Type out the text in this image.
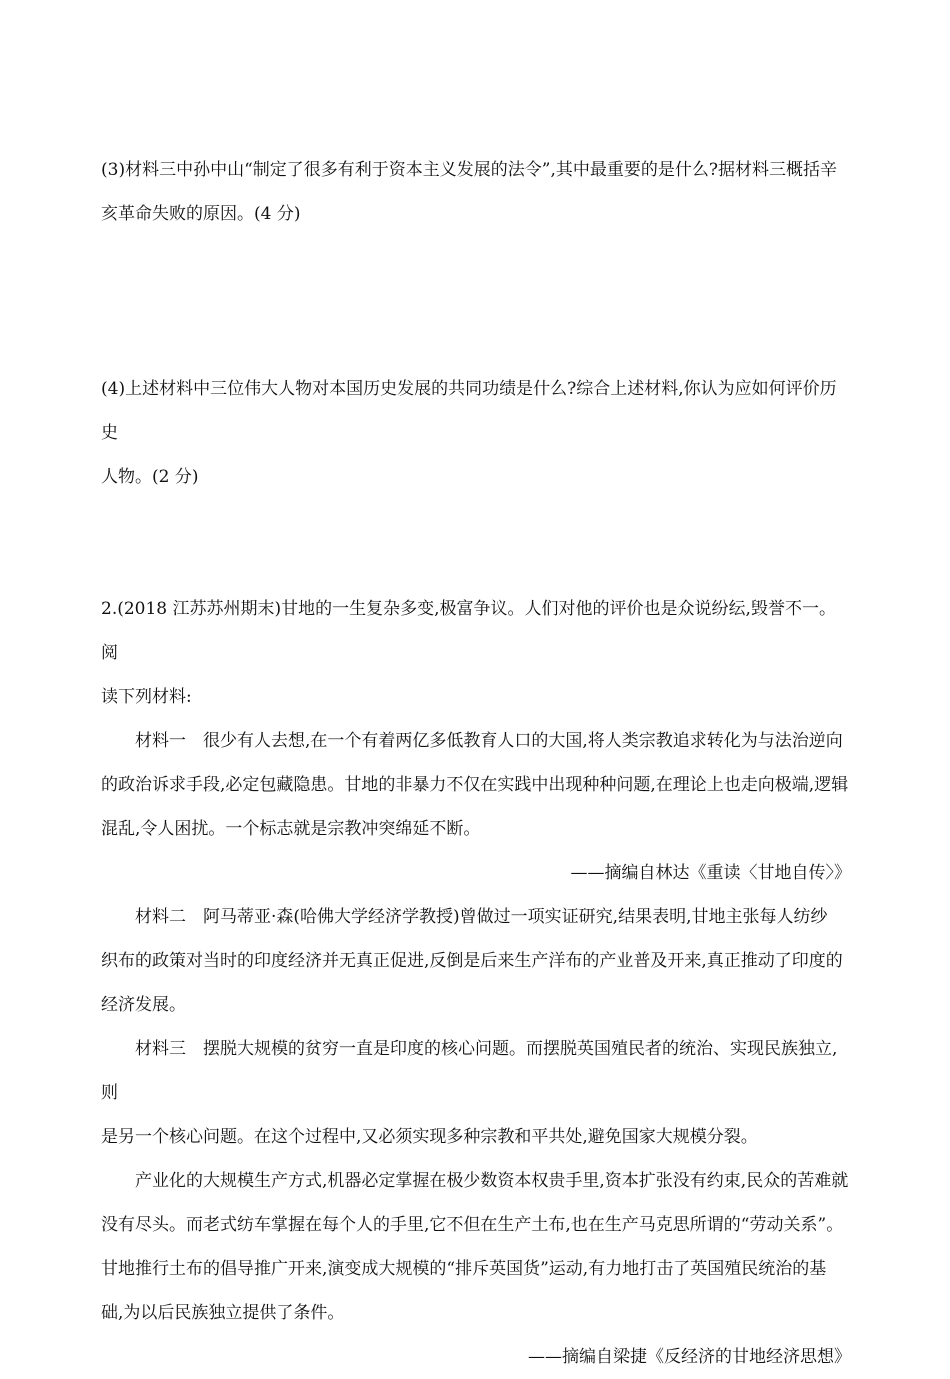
(3)材料三中孙中山“制定了很多有利于资本主义发展的法令”,其中最重要的是什么?据材料三概括辛

亥革命失败的原因。(4 分)

(4)上述材料中三位伟大人物对本国历史发展的共同功绩是什么?综合上述材料,你认为应如何评价历史

人物。(2 分)

2.(2018 江苏苏州期末)甘地的一生复杂多变,极富争议。人们对他的评价也是众说纷纭,毁誉不一。阅

读下列材料:

材料一　很少有人去想,在一个有着两亿多低教育人口的大国,将人类宗教追求转化为与法治逆向

的政治诉求手段,必定包藏隐患。甘地的非暴力不仅在实践中出现种种问题,在理论上也走向极端,逻辑

混乱,令人困扰。一个标志就是宗教冲突绵延不断。

——摘编自林达《重读〈甘地自传〉》

材料二　阿马蒂亚·森(哈佛大学经济学教授)曾做过一项实证研究,结果表明,甘地主张每人纺纱

织布的政策对当时的印度经济并无真正促进,反倒是后来生产洋布的产业普及开来,真正推动了印度的

经济发展。

材料三　摆脱大规模的贫穷一直是印度的核心问题。而摆脱英国殖民者的统治、实现民族独立,则

是另一个核心问题。在这个过程中,又必须实现多种宗教和平共处,避免国家大规模分裂。

产业化的大规模生产方式,机器必定掌握在极少数资本权贵手里,资本扩张没有约束,民众的苦难就

没有尽头。而老式纺车掌握在每个人的手里,它不但在生产土布,也在生产马克思所谓的“劳动关系”。

甘地推行土布的倡导推广开来,演变成大规模的“排斥英国货”运动,有力地打击了英国殖民统治的基

础,为以后民族独立提供了条件。

——摘编自梁捷《反经济的甘地经济思想》
